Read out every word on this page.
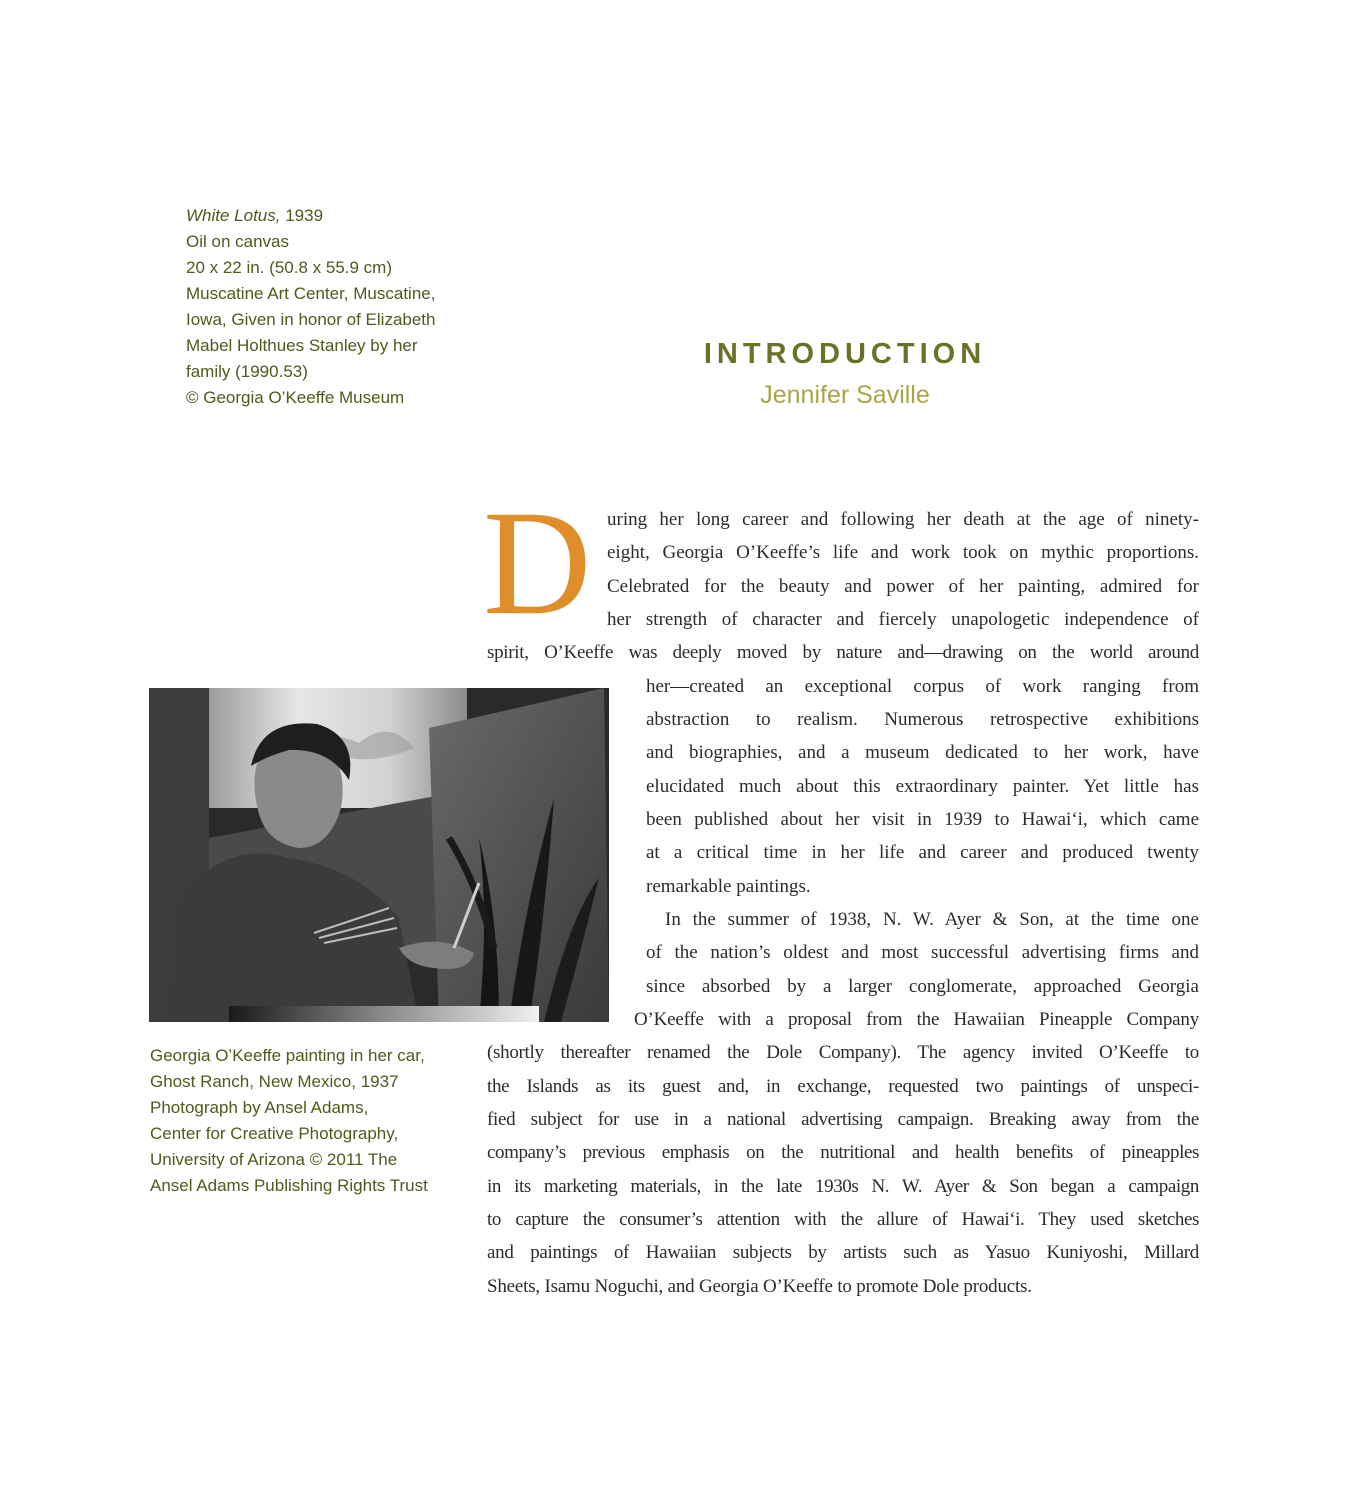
White Lotus, 1939
Oil on canvas
20 x 22 in. (50.8 x 55.9 cm)
Muscatine Art Center, Muscatine,
Iowa, Given in honor of Elizabeth
Mabel Holthues Stanley by her
family (1990.53)
© Georgia O’Keeffe Museum
INTRODUCTION
Jennifer Saville
D uring her long career and following her death at the age of ninety-
eight, Georgia O’Keeffe’s life and work took on mythic proportions.
Celebrated for the beauty and power of her painting, admired for
her strength of character and fiercely unapologetic independence of
spirit, O’Keeffe was deeply moved by nature and—drawing on the world around
her—created an exceptional corpus of work ranging from
abstraction to realism. Numerous retrospective exhibitions
and biographies, and a museum dedicated to her work, have
elucidated much about this extraordinary painter. Yet little has
been published about her visit in 1939 to Hawai‘i, which came
at a critical time in her life and career and produced twenty
remarkable paintings.
In the summer of 1938, N. W. Ayer & Son, at the time one
of the nation’s oldest and most successful advertising firms and
since absorbed by a larger conglomerate, approached Georgia
O’Keeffe with a proposal from the Hawaiian Pineapple Company
(shortly thereafter renamed the Dole Company). The agency invited O’Keeffe to
the Islands as its guest and, in exchange, requested two paintings of unspeci-
fied subject for use in a national advertising campaign. Breaking away from the
company’s previous emphasis on the nutritional and health benefits of pineapples
in its marketing materials, in the late 1930s N. W. Ayer & Son began a campaign
to capture the consumer’s attention with the allure of Hawai‘i. They used sketches
and paintings of Hawaiian subjects by artists such as Yasuo Kuniyoshi, Millard
Sheets, Isamu Noguchi, and Georgia O’Keeffe to promote Dole products.
Georgia O’Keeffe painting in her car,
Ghost Ranch, New Mexico, 1937
Photograph by Ansel Adams,
Center for Creative Photography,
University of Arizona © 2011 The
Ansel Adams Publishing Rights Trust
